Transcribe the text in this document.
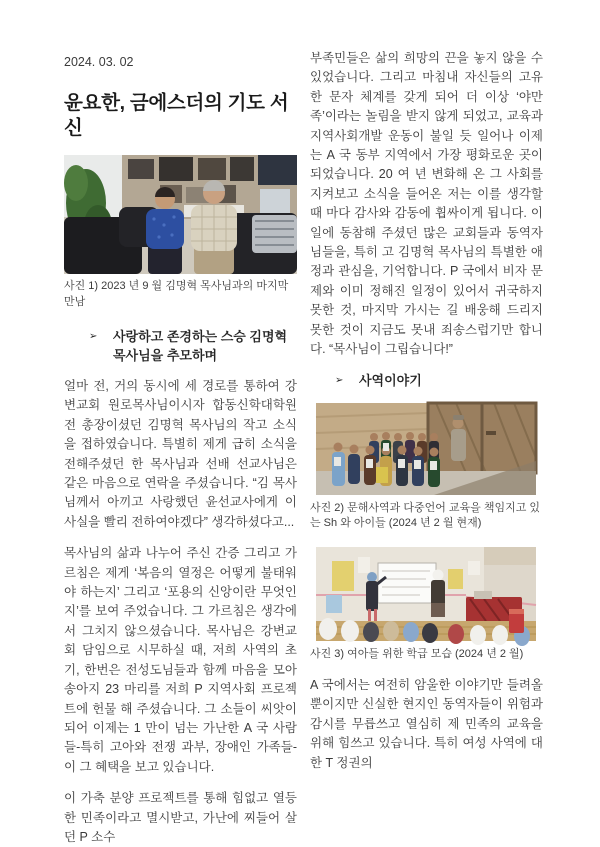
2024. 03. 02
윤요한, 금에스더의 기도 서신
사진 1) 2023 년 9 월 김명혁 목사님과의 마지막 만남
➢	사랑하고 존경하는 스승 김명혁
목사님을 추모하며
얼마 전, 거의 동시에 세 경로를 통하여 강변교회 원로목사님이시자 합동신학대학원 전 총장이셨던 김명혁 목사님의 작고 소식을 접하였습니다. 특별히 제게 급히 소식을 전해주셨던 한 목사님과 선배 선교사님은 같은 마음으로 연락을 주셨습니다. “김 목사님께서 아끼고 사랑했던 윤선교사에게 이 사실을 빨리 전하여야겠다” 생각하셨다고...
목사님의 삶과 나누어 주신 간증 그리고 가르침은 제게 ‘복음의 열정은 어떻게 불태워야 하는지’ 그리고 ‘포용의 신앙이란 무엇인지’를 보여 주었습니다. 그 가르침은 생각에서 그치지 않으셨습니다. 목사님은 강변교회 담임으로 시무하실 때, 저희 사역의 초기, 한번은 전성도님들과 함께 마음을 모아 송아지 23 마리를 저희 P 지역사회 프로젝트에 헌물 해 주셨습니다. 그 소들이 씨앗이 되어 이제는 1 만이 넘는 가난한 A 국 사람들-특히 고아와 전쟁 과부, 장애인 가족들-이 그 혜택을 보고 있습니다.
이 가축 분양 프로젝트를 통해 힘없고 열등한 민족이라고 멸시받고, 가난에 찌들어 살던 P 소수
부족민들은 삶의 희망의 끈을 놓지 않을 수 있었습니다. 그리고 마침내 자신들의 고유한 문자 체계를 갖게 되어 더 이상 ‘야만족’이라는 놀림을 받지 않게 되었고, 교육과 지역사회개발 운동이 불일 듯 일어나 이제는 A 국 동부 지역에서 가장 평화로운 곳이 되었습니다. 20 여 년 변화해 온 그 사회를 지켜보고 소식을 들어온 저는 이를 생각할 때 마다 감사와 감동에 휩싸이게 됩니다. 이 일에 동참해 주셨던 많은 교회들과 동역자님들을, 특히 고 김명혁 목사님의 특별한 애정과 관심을, 기억합니다. P 국에서 비자 문제와 이미 정해진 일정이 있어서 귀국하지 못한 것, 마지막 가시는 길 배웅해 드리지 못한 것이 지금도 못내 죄송스럽기만 합니다. “목사님이 그립습니다!”
➢	사역이야기
사진 2) 문해사역과 다중언어 교육을 책임지고 있는 Sh 와 아이들 (2024 년 2 월 현재)
사진 3) 여아들 위한 학급 모습 (2024 년 2 월)
A 국에서는 여전히 암울한 이야기만 들려올 뿐이지만 신실한 현지인 동역자들이 위험과 감시를 무릅쓰고 열심히 제 민족의 교육을 위해 힘쓰고 있습니다. 특히 여성 사역에 대한 T 정권의
